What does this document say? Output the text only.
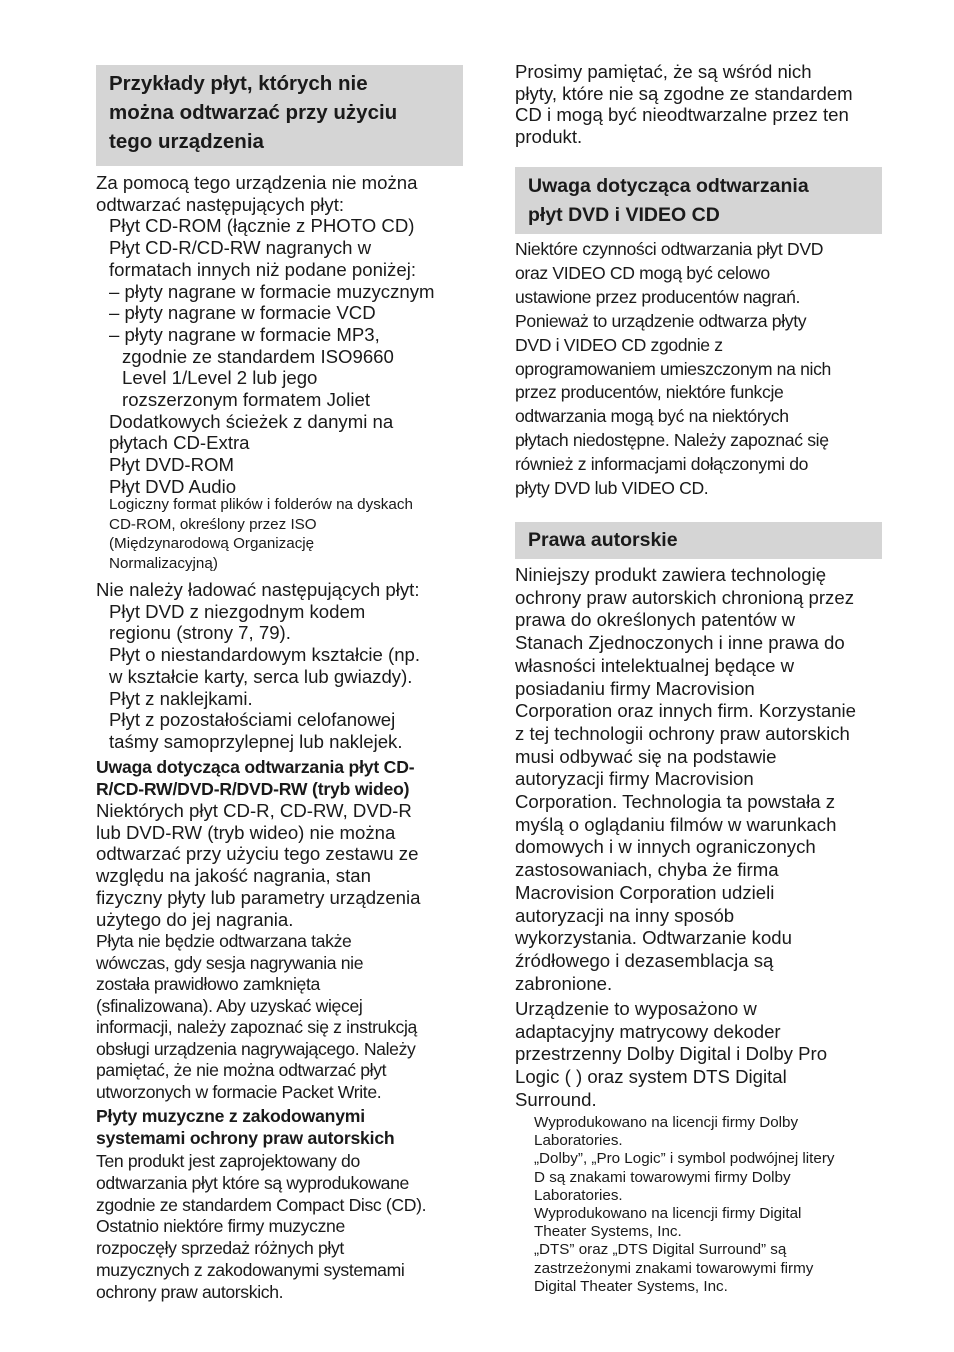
Przykłady płyt, których nie
można odtwarzać przy użyciu
tego urządzenia
Za pomocą tego urządzenia nie można
odtwarzać następujących płyt:
Płyt CD-ROM (łącznie z PHOTO CD)
Płyt CD-R/CD-RW nagranych w
formatach innych niż podane poniżej:
– płyty nagrane w formacie muzycznym
– płyty nagrane w formacie VCD
– płyty nagrane w formacie MP3,
zgodnie ze standardem ISO9660
Level 1/Level 2 lub jego
rozszerzonym formatem Joliet
Dodatkowych ścieżek z danymi na
płytach CD-Extra
Płyt DVD-ROM
Płyt DVD Audio
Logiczny format plików i folderów na dyskach
CD-ROM, określony przez ISO
(Międzynarodową Organizację
Normalizacyjną)
Nie należy ładować następujących płyt:
Płyt DVD z niezgodnym kodem
regionu (strony 7, 79).
Płyt o niestandardowym kształcie (np.
w kształcie karty, serca lub gwiazdy).
Płyt z naklejkami.
Płyt z pozostałościami celofanowej
taśmy samoprzylepnej lub naklejek.
Uwaga dotycząca odtwarzania płyt CD-
R/CD-RW/DVD-R/DVD-RW (tryb wideo)
Niektórych płyt CD-R, CD-RW, DVD-R
lub DVD-RW (tryb wideo) nie można
odtwarzać przy użyciu tego zestawu ze
względu na jakość nagrania, stan
fizyczny płyty lub parametry urządzenia
użytego do jej nagrania.
Płyta nie będzie odtwarzana także
wówczas, gdy sesja nagrywania nie
została prawidłowo zamknięta
(sfinalizowana). Aby uzyskać więcej
informacji, należy zapoznać się z instrukcją
obsługi urządzenia nagrywającego. Należy
pamiętać, że nie można odtwarzać płyt
utworzonych w formacie Packet Write.
Płyty muzyczne z zakodowanymi
systemami ochrony praw autorskich
Ten produkt jest zaprojektowany do
odtwarzania płyt które są wyprodukowane
zgodnie ze standardem Compact Disc (CD).
Ostatnio niektóre firmy muzyczne
rozpoczęły sprzedaż różnych płyt
muzycznych z zakodowanymi systemami
ochrony praw autorskich.
Prosimy pamiętać, że są wśród nich
płyty, które nie są zgodne ze standardem
CD i mogą być nieodtwarzalne przez ten
produkt.
Uwaga dotycząca odtwarzania
płyt DVD i VIDEO CD
Niektóre czynności odtwarzania płyt DVD
oraz VIDEO CD mogą być celowo
ustawione przez producentów nagrań.
Ponieważ to urządzenie odtwarza płyty
DVD i VIDEO CD zgodnie z
oprogramowaniem umieszczonym na nich
przez producentów, niektóre funkcje
odtwarzania mogą być na niektórych
płytach niedostępne. Należy zapoznać się
również z informacjami dołączonymi do
płyty DVD lub VIDEO CD.
Prawa autorskie
Niniejszy produkt zawiera technologię
ochrony praw autorskich chronioną przez
prawa do określonych patentów w
Stanach Zjednoczonych i inne prawa do
własności intelektualnej będące w
posiadaniu firmy Macrovision
Corporation oraz innych firm. Korzystanie
z tej technologii ochrony praw autorskich
musi odbywać się na podstawie
autoryzacji firmy Macrovision
Corporation. Technologia ta powstała z
myślą o oglądaniu filmów w warunkach
domowych i w innych ograniczonych
zastosowaniach, chyba że firma
Macrovision Corporation udzieli
autoryzacji na inny sposób
wykorzystania. Odtwarzanie kodu
źródłowego i dezasemblacja są
zabronione.
Urządzenie to wyposażono w
adaptacyjny matrycowy dekoder
przestrzenny Dolby Digital i Dolby Pro
Logic ( ) oraz system DTS Digital
Surround.
Wyprodukowano na licencji firmy Dolby
Laboratories.
„Dolby”, „Pro Logic” i symbol podwójnej litery
D są znakami towarowymi firmy Dolby
Laboratories.
Wyprodukowano na licencji firmy Digital
Theater Systems, Inc.
„DTS” oraz „DTS Digital Surround” są
zastrzeżonymi znakami towarowymi firmy
Digital Theater Systems, Inc.
